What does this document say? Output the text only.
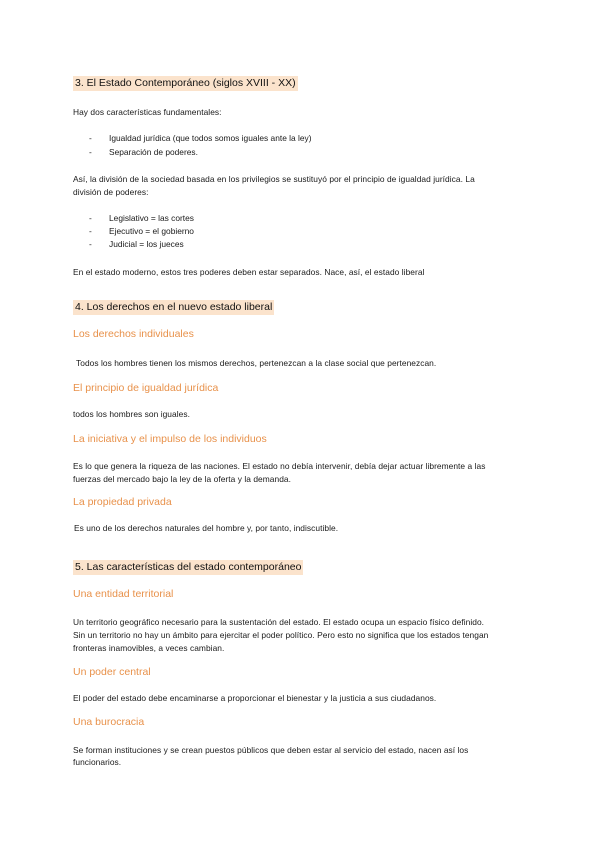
3. El Estado Contemporáneo (siglos XVIII - XX)
Hay dos características fundamentales:
- Igualdad jurídica (que todos somos iguales ante la ley)
- Separación de poderes.
Así, la división de la sociedad basada en los privilegios se sustituyó por el principio de igualdad jurídica. La
división de poderes:
- Legislativo = las cortes
- Ejecutivo = el gobierno
- Judicial = los jueces
En el estado moderno, estos tres poderes deben estar separados. Nace, así, el estado liberal
4. Los derechos en el nuevo estado liberal
Los derechos individuales
Todos los hombres tienen los mismos derechos, pertenezcan a la clase social que pertenezcan.
El principio de igualdad jurídica
todos los hombres son iguales.
La iniciativa y el impulso de los individuos
Es lo que genera la riqueza de las naciones. El estado no debía intervenir, debía dejar actuar libremente a las
fuerzas del mercado bajo la ley de la oferta y la demanda.
La propiedad privada
Es uno de los derechos naturales del hombre y, por tanto, indiscutible.
5. Las características del estado contemporáneo
Una entidad territorial
Un territorio geográfico necesario para la sustentación del estado. El estado ocupa un espacio físico definido.
Sin un territorio no hay un ámbito para ejercitar el poder político. Pero esto no significa que los estados tengan
fronteras inamovibles, a veces cambian.
Un poder central
El poder del estado debe encaminarse a proporcionar el bienestar y la justicia a sus ciudadanos.
Una burocracia
Se forman instituciones y se crean puestos públicos que deben estar al servicio del estado, nacen así los
funcionarios.
